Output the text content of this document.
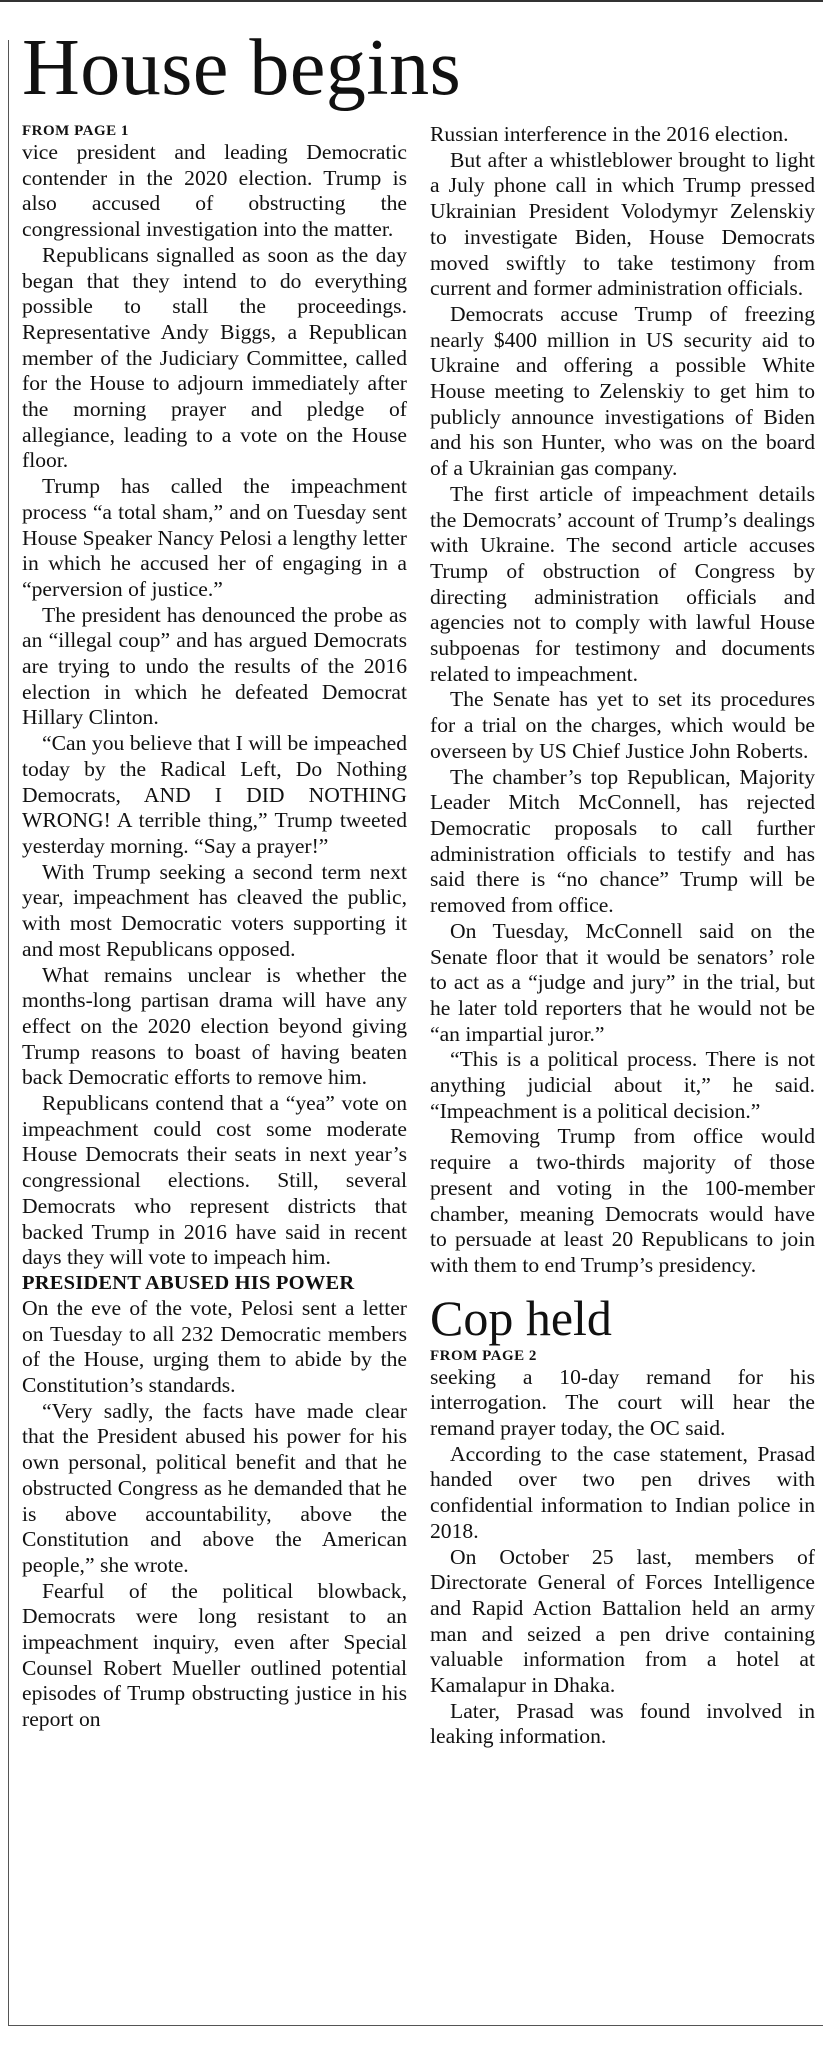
House begins

FROM PAGE 1

vice president and leading Democratic contender in the 2020 election. Trump is also accused of obstructing the congressional investigation into the matter.

Republicans signalled as soon as the day began that they intend to do everything possible to stall the proceedings. Representative Andy Biggs, a Republican member of the Judiciary Committee, called for the House to adjourn immediately after the morning prayer and pledge of allegiance, leading to a vote on the House floor.

Trump has called the impeachment process “a total sham,” and on Tuesday sent House Speaker Nancy Pelosi a lengthy letter in which he accused her of engaging in a “perversion of justice.”

The president has denounced the probe as an “illegal coup” and has argued Democrats are trying to undo the results of the 2016 election in which he defeated Democrat Hillary Clinton.

“Can you believe that I will be impeached today by the Radical Left, Do Nothing Democrats, AND I DID NOTHING WRONG! A terrible thing,” Trump tweeted yesterday morning. “Say a prayer!”

With Trump seeking a second term next year, impeachment has cleaved the public, with most Democratic voters supporting it and most Republicans opposed.

What remains unclear is whether the months-long partisan drama will have any effect on the 2020 election beyond giving Trump reasons to boast of having beaten back Democratic efforts to remove him.

Republicans contend that a “yea” vote on impeachment could cost some moderate House Democrats their seats in next year’s congressional elections. Still, several Democrats who represent districts that backed Trump in 2016 have said in recent days they will vote to impeach him.

PRESIDENT ABUSED HIS POWER

On the eve of the vote, Pelosi sent a letter on Tuesday to all 232 Democratic members of the House, urging them to abide by the Constitution’s standards.

“Very sadly, the facts have made clear that the President abused his power for his own personal, political benefit and that he obstructed Congress as he demanded that he is above accountability, above the Constitution and above the American people,” she wrote.

Fearful of the political blowback, Democrats were long resistant to an impeachment inquiry, even after Special Counsel Robert Mueller outlined potential episodes of Trump obstructing justice in his report on

Russian interference in the 2016 election.

But after a whistleblower brought to light a July phone call in which Trump pressed Ukrainian President Volodymyr Zelenskiy to investigate Biden, House Democrats moved swiftly to take testimony from current and former administration officials.

Democrats accuse Trump of freezing nearly $400 million in US security aid to Ukraine and offering a possible White House meeting to Zelenskiy to get him to publicly announce investigations of Biden and his son Hunter, who was on the board of a Ukrainian gas company.

The first article of impeachment details the Democrats’ account of Trump’s dealings with Ukraine. The second article accuses Trump of obstruction of Congress by directing administration officials and agencies not to comply with lawful House subpoenas for testimony and documents related to impeachment.

The Senate has yet to set its procedures for a trial on the charges, which would be overseen by US Chief Justice John Roberts.

The chamber’s top Republican, Majority Leader Mitch McConnell, has rejected Democratic proposals to call further administration officials to testify and has said there is “no chance” Trump will be removed from office.

On Tuesday, McConnell said on the Senate floor that it would be senators’ role to act as a “judge and jury” in the trial, but he later told reporters that he would not be “an impartial juror.”

“This is a political process. There is not anything judicial about it,” he said. “Impeachment is a political decision.”

Removing Trump from office would require a two-thirds majority of those present and voting in the 100-member chamber, meaning Democrats would have to persuade at least 20 Republicans to join with them to end Trump’s presidency.

Cop held

FROM PAGE 2

seeking a 10-day remand for his interrogation. The court will hear the remand prayer today, the OC said.

According to the case statement, Prasad handed over two pen drives with confidential information to Indian police in 2018.

On October 25 last, members of Directorate General of Forces Intelligence and Rapid Action Battalion held an army man and seized a pen drive containing valuable information from a hotel at Kamalapur in Dhaka.

Later, Prasad was found involved in leaking information.
